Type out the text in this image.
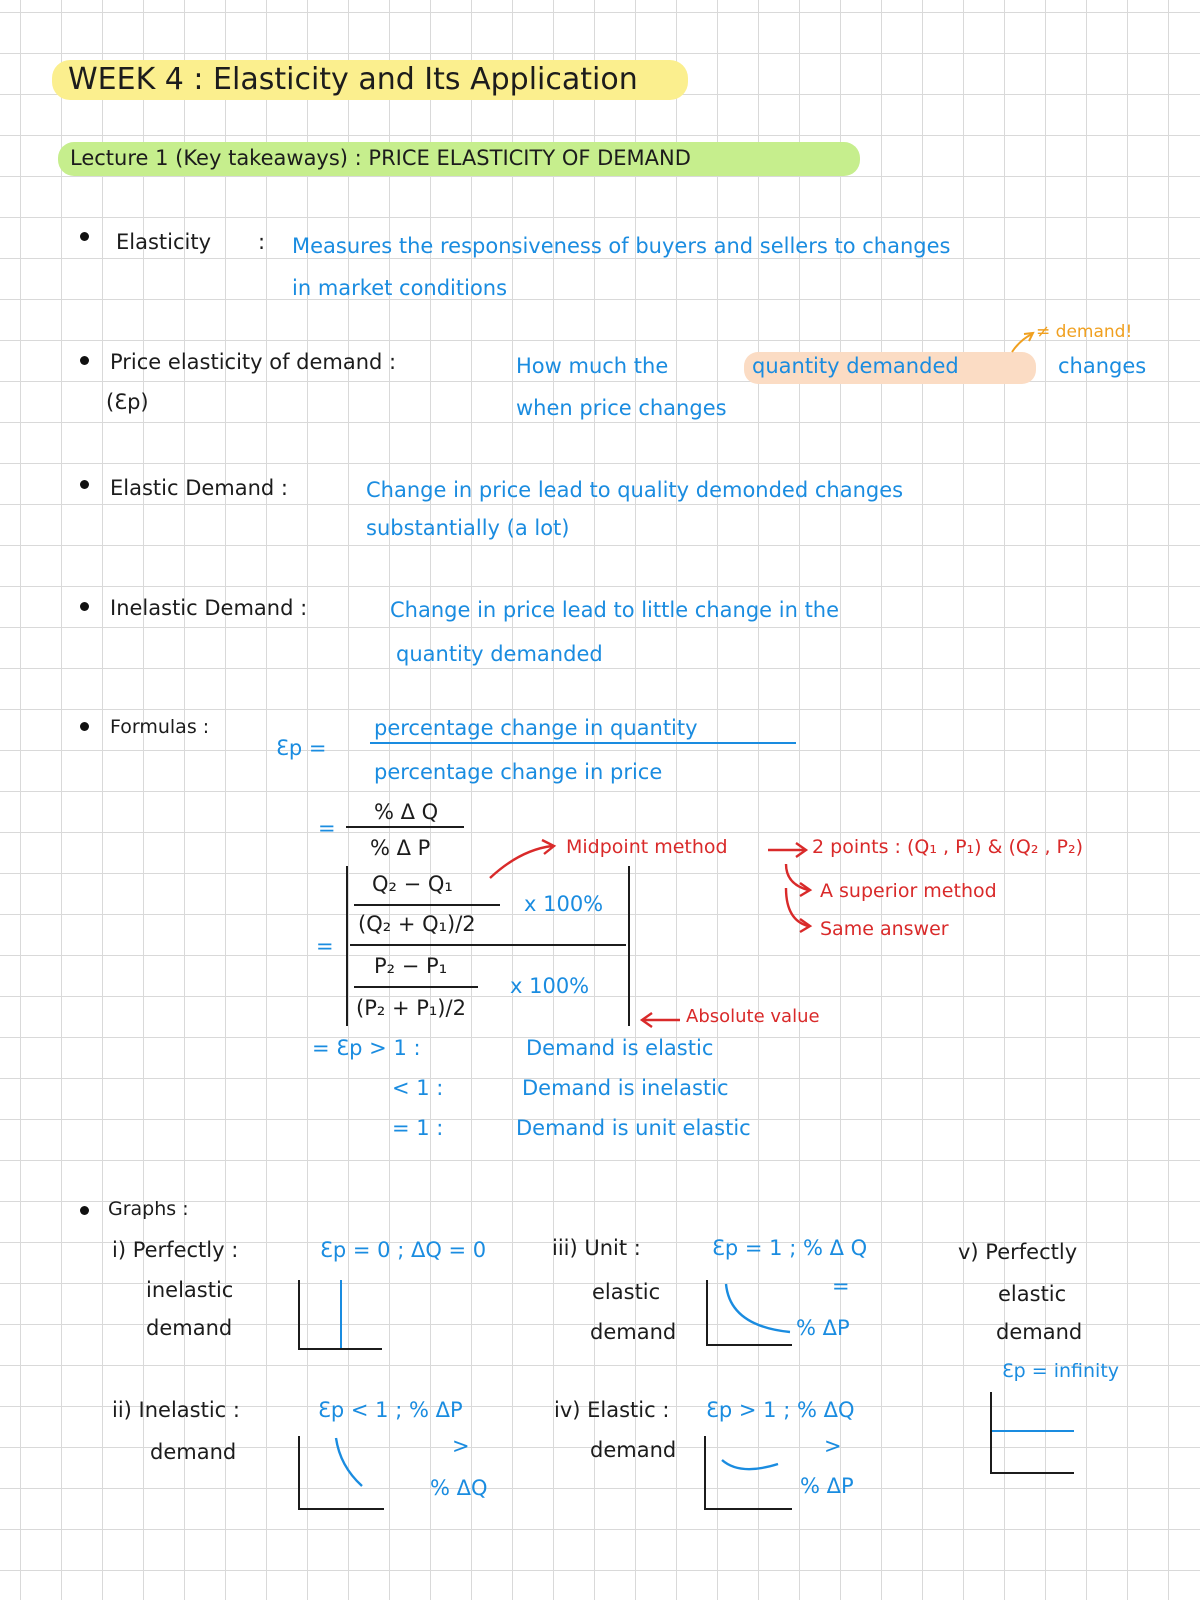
WEEK 4 : Elasticity and Its Application
Lecture 1 (Key takeaways) : PRICE ELASTICITY OF DEMAND
Elasticity : Measures the responsiveness of buyers and sellers to changes
in market conditions
Price elasticity of demand :
(Ɛp)
How much the	quantity demanded	changes
when price changes
≠ demand!
Elastic Demand :	Change in price lead to quality demonded changes
substantially (a lot)
Inelastic Demand :	Change in price lead to little change in the
quantity demanded
Formulas :
Ɛp =
percentage change in quantity
percentage change in price
=
% Δ Q
% Δ P
=
Q₂ − Q₁
(Q₂ + Q₁)/2
x 100%
P₂ − P₁
(P₂ + P₁)/2
x 100%
Midpoint method	2 points : (Q₁ , P₁) & (Q₂ , P₂)
A superior method
Same answer
Absolute value
= Ɛp > 1 :	Demand is elastic
< 1 :	Demand is inelastic
= 1 :	Demand is unit elastic
Graphs :
i) Perfectly :
inelastic
demand
Ɛp = 0 ; ΔQ = 0
ii) Inelastic :
demand
Ɛp < 1 ; % ΔP
>
% ΔQ
iii) Unit :
elastic
demand
Ɛp = 1 ; % Δ Q
=
% ΔP
iv) Elastic :
demand
Ɛp > 1 ; % ΔQ
>
% ΔP
v) Perfectly
elastic
demand
Ɛp = infinity
